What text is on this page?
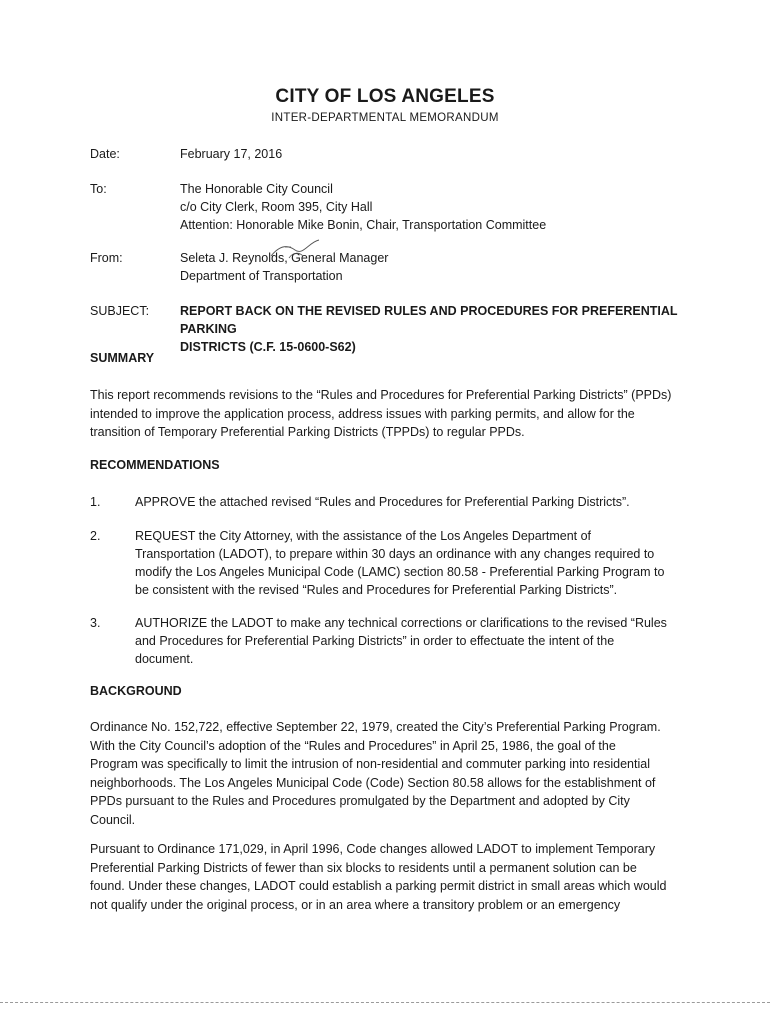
CITY OF LOS ANGELES
INTER-DEPARTMENTAL MEMORANDUM
Date:	February 17, 2016
To:	The Honorable City Council
c/o City Clerk, Room 395, City Hall
Attention: Honorable Mike Bonin, Chair, Transportation Committee
From:	Seleta J. Reynolds, General Manager
Department of Transportation
SUBJECT: REPORT BACK ON THE REVISED RULES AND PROCEDURES FOR PREFERENTIAL PARKING
DISTRICTS (C.F. 15-0600-S62)
SUMMARY
This report recommends revisions to the “Rules and Procedures for Preferential Parking Districts” (PPDs)
intended to improve the application process, address issues with parking permits, and allow for the
transition of Temporary Preferential Parking Districts (TPPDs) to regular PPDs.
RECOMMENDATIONS
1.	APPROVE the attached revised “Rules and Procedures for Preferential Parking Districts”.
2.	REQUEST the City Attorney, with the assistance of the Los Angeles Department of
Transportation (LADOT), to prepare within 30 days an ordinance with any changes required to
modify the Los Angeles Municipal Code (LAMC) section 80.58 - Preferential Parking Program to
be consistent with the revised “Rules and Procedures for Preferential Parking Districts”.
3.	AUTHORIZE the LADOT to make any technical corrections or clarifications to the revised “Rules
and Procedures for Preferential Parking Districts” in order to effectuate the intent of the
document.
BACKGROUND
Ordinance No. 152,722, effective September 22, 1979, created the City’s Preferential Parking Program.
With the City Council’s adoption of the “Rules and Procedures” in April 25, 1986, the goal of the
Program was specifically to limit the intrusion of non-residential and commuter parking into residential
neighborhoods. The Los Angeles Municipal Code (Code) Section 80.58 allows for the establishment of
PPDs pursuant to the Rules and Procedures promulgated by the Department and adopted by City
Council.
Pursuant to Ordinance 171,029, in April 1996, Code changes allowed LADOT to implement Temporary
Preferential Parking Districts of fewer than six blocks to residents until a permanent solution can be
found. Under these changes, LADOT could establish a parking permit district in small areas which would
not qualify under the original process, or in an area where a transitory problem or an emergency
